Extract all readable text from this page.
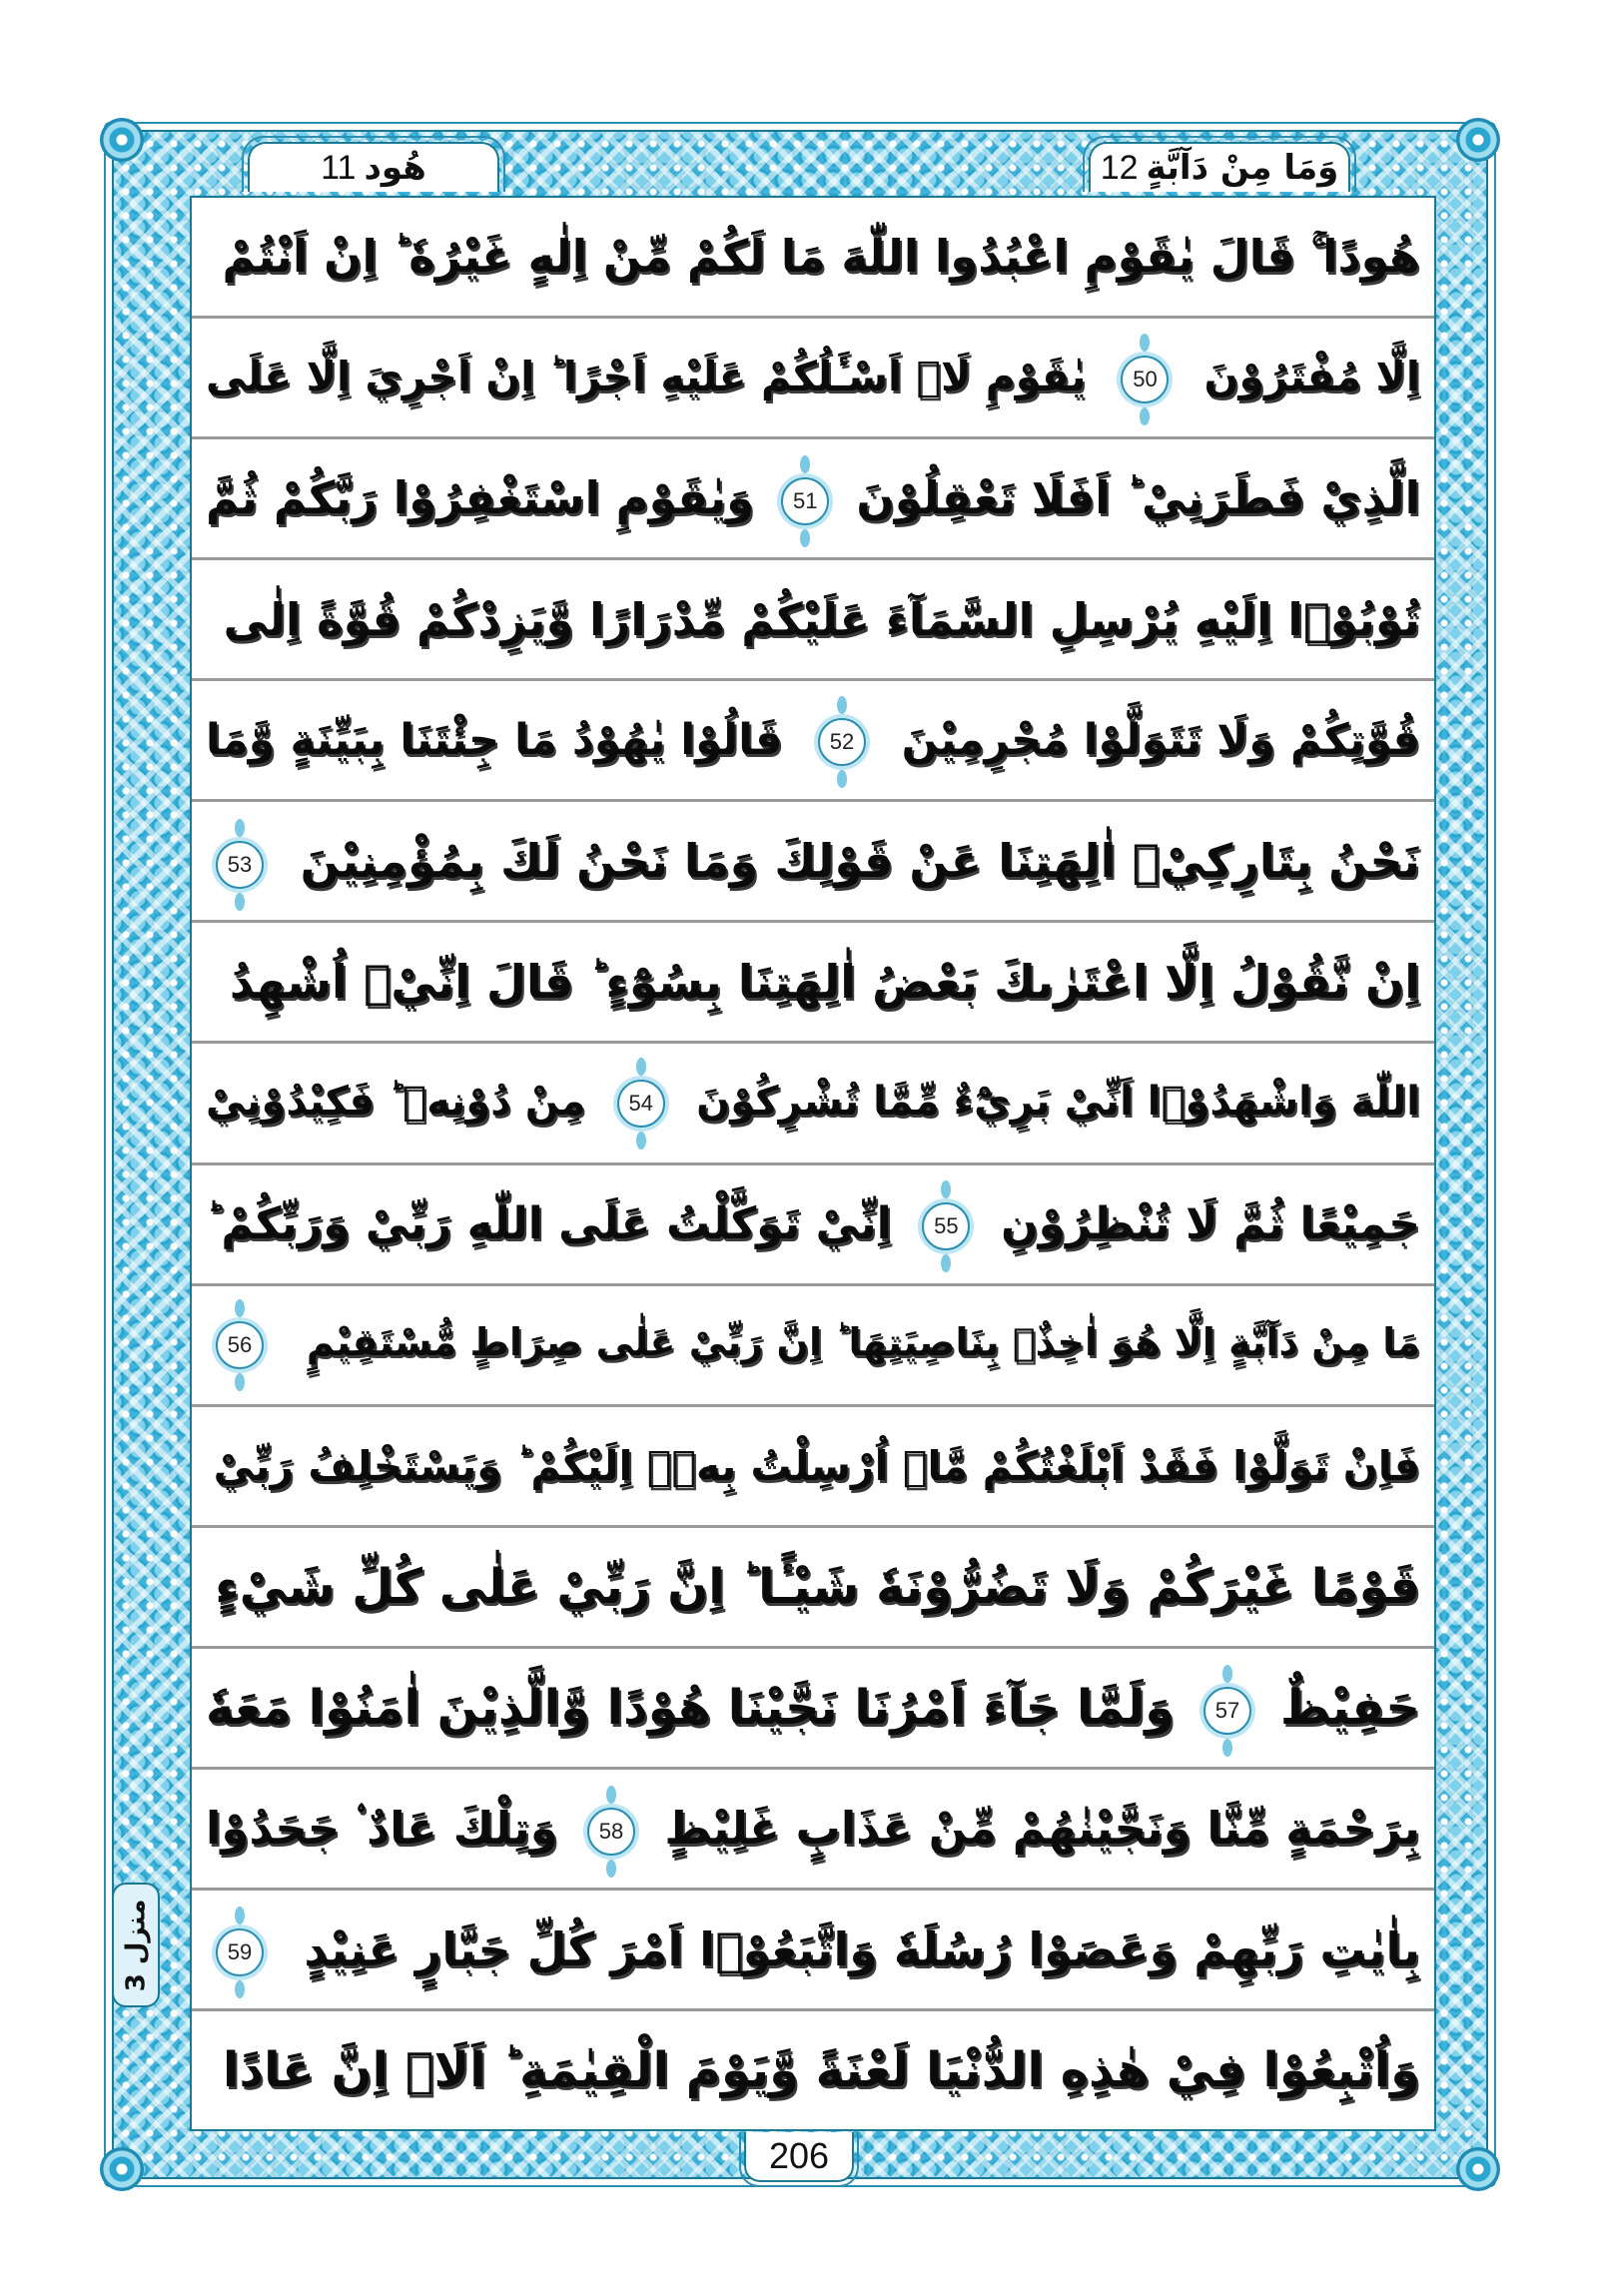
هُود
11	وَمَا مِنْ دَآبَّةٍ
12
هُودًا ۚ قَالَ يٰقَوْمِ اعْبُدُوا اللّٰهَ مَا لَكُمْ مِّنْ اِلٰهٍ غَيْرُهٗ ؕ اِنْ اَنْتُمْ
اِلَّا مُفْتَرُوْنَ 50 يٰقَوْمِ لَاۤ اَسْـَٔلُكُمْ عَلَيْهِ اَجْرًا ؕ اِنْ اَجْرِيَ اِلَّا عَلَى
الَّذِيْ فَطَرَنِيْ ؕ اَفَلَا تَعْقِلُوْنَ 51 وَيٰقَوْمِ اسْتَغْفِرُوْا رَبَّكُمْ ثُمَّ
تُوْبُوْۤا اِلَيْهِ يُرْسِلِ السَّمَآءَ عَلَيْكُمْ مِّدْرَارًا وَّيَزِدْكُمْ قُوَّةً اِلٰى
قُوَّتِكُمْ وَلَا تَتَوَلَّوْا مُجْرِمِيْنَ 52 قَالُوْا يٰهُوْدُ مَا جِئْتَنَا بِبَيِّنَةٍ وَّمَا
نَحْنُ بِتَارِكِيْۤ اٰلِهَتِنَا عَنْ قَوْلِكَ وَمَا نَحْنُ لَكَ بِمُؤْمِنِيْنَ 53
اِنْ نَّقُوْلُ اِلَّا اعْتَرٰىكَ بَعْضُ اٰلِهَتِنَا بِسُوْٓءٍ ؕ قَالَ اِنِّيْۤ اُشْهِدُ
اللّٰهَ وَاشْهَدُوْۤا اَنِّيْ بَرِيْٓءٌ مِّمَّا تُشْرِكُوْنَ 54 مِنْ دُوْنِهٖ ؕ فَكِيْدُوْنِيْ
جَمِيْعًا ثُمَّ لَا تُنْظِرُوْنِ 55 اِنِّيْ تَوَكَّلْتُ عَلَى اللّٰهِ رَبِّيْ وَرَبِّكُمْ ؕ
مَا مِنْ دَآبَّةٍ اِلَّا هُوَ اٰخِذٌۢ بِنَاصِيَتِهَا ؕ اِنَّ رَبِّيْ عَلٰى صِرَاطٍ مُّسْتَقِيْمٍ 56
فَاِنْ تَوَلَّوْا فَقَدْ اَبْلَغْتُكُمْ مَّاۤ اُرْسِلْتُ بِهٖۤ اِلَيْكُمْ ؕ وَيَسْتَخْلِفُ رَبِّيْ
قَوْمًا غَيْرَكُمْ وَلَا تَضُرُّوْنَهٗ شَيْـًٔا ؕ اِنَّ رَبِّيْ عَلٰى كُلِّ شَيْءٍ
حَفِيْظٌ 57 وَلَمَّا جَآءَ اَمْرُنَا نَجَّيْنَا هُوْدًا وَّالَّذِيْنَ اٰمَنُوْا مَعَهٗ
بِرَحْمَةٍ مِّنَّا وَنَجَّيْنٰهُمْ مِّنْ عَذَابٍ غَلِيْظٍ 58 وَتِلْكَ عَادٌ ۟ جَحَدُوْا
بِاٰيٰتِ رَبِّهِمْ وَعَصَوْا رُسُلَهٗ وَاتَّبَعُوْۤا اَمْرَ كُلِّ جَبَّارٍ عَنِيْدٍ 59
وَاُتْبِعُوْا فِيْ هٰذِهِ الدُّنْيَا لَعْنَةً وَّيَوْمَ الْقِيٰمَةِ ؕ اَلَاۤ اِنَّ عَادًا
منزل 3
206
